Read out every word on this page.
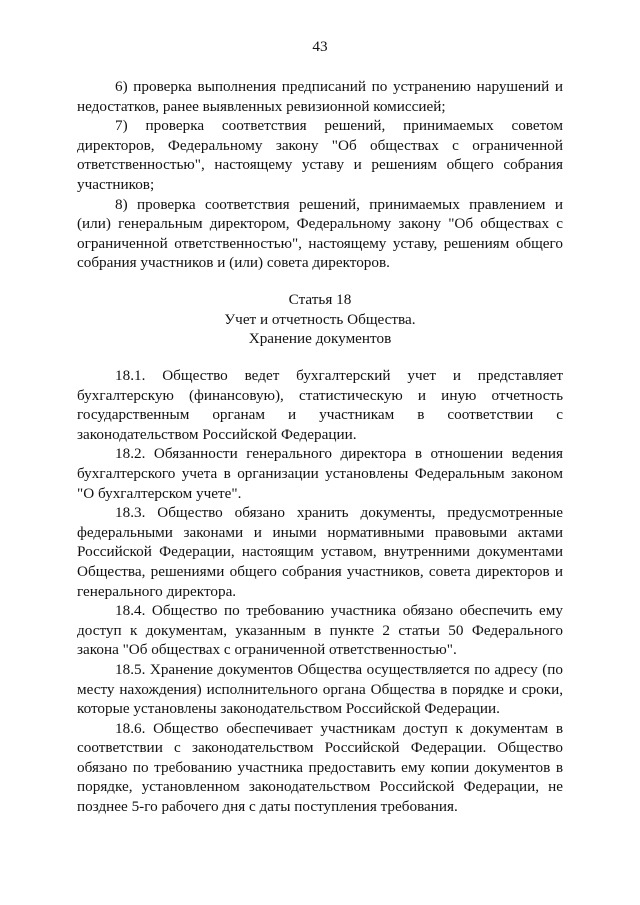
43

6) проверка выполнения предписаний по устранению нарушений и недостатков, ранее выявленных ревизионной комиссией;

7) проверка соответствия решений, принимаемых советом директоров, Федеральному закону "Об обществах с ограниченной ответственностью", настоящему уставу и решениям общего собрания участников;

8) проверка соответствия решений, принимаемых правлением и (или) генеральным директором, Федеральному закону "Об обществах с ограниченной ответственностью", настоящему уставу, решениям общего собрания участников и (или) совета директоров.

Статья 18
Учет и отчетность Общества.
Хранение документов

18.1. Общество ведет бухгалтерский учет и представляет бухгалтерскую (финансовую), статистическую и иную отчетность государственным органам и участникам в соответствии с законодательством Российской Федерации.

18.2. Обязанности генерального директора в отношении ведения бухгалтерского учета в организации установлены Федеральным законом "О бухгалтерском учете".

18.3. Общество обязано хранить документы, предусмотренные федеральными законами и иными нормативными правовыми актами Российской Федерации, настоящим уставом, внутренними документами Общества, решениями общего собрания участников, совета директоров и генерального директора.

18.4. Общество по требованию участника обязано обеспечить ему доступ к документам, указанным в пункте 2 статьи 50 Федерального закона "Об обществах с ограниченной ответственностью".

18.5. Хранение документов Общества осуществляется по адресу (по месту нахождения) исполнительного органа Общества в порядке и сроки, которые установлены законодательством Российской Федерации.

18.6. Общество обеспечивает участникам доступ к документам в соответствии с законодательством Российской Федерации. Общество обязано по требованию участника предоставить ему копии документов в порядке, установленном законодательством Российской Федерации, не позднее 5-го рабочего дня с даты поступления требования.
